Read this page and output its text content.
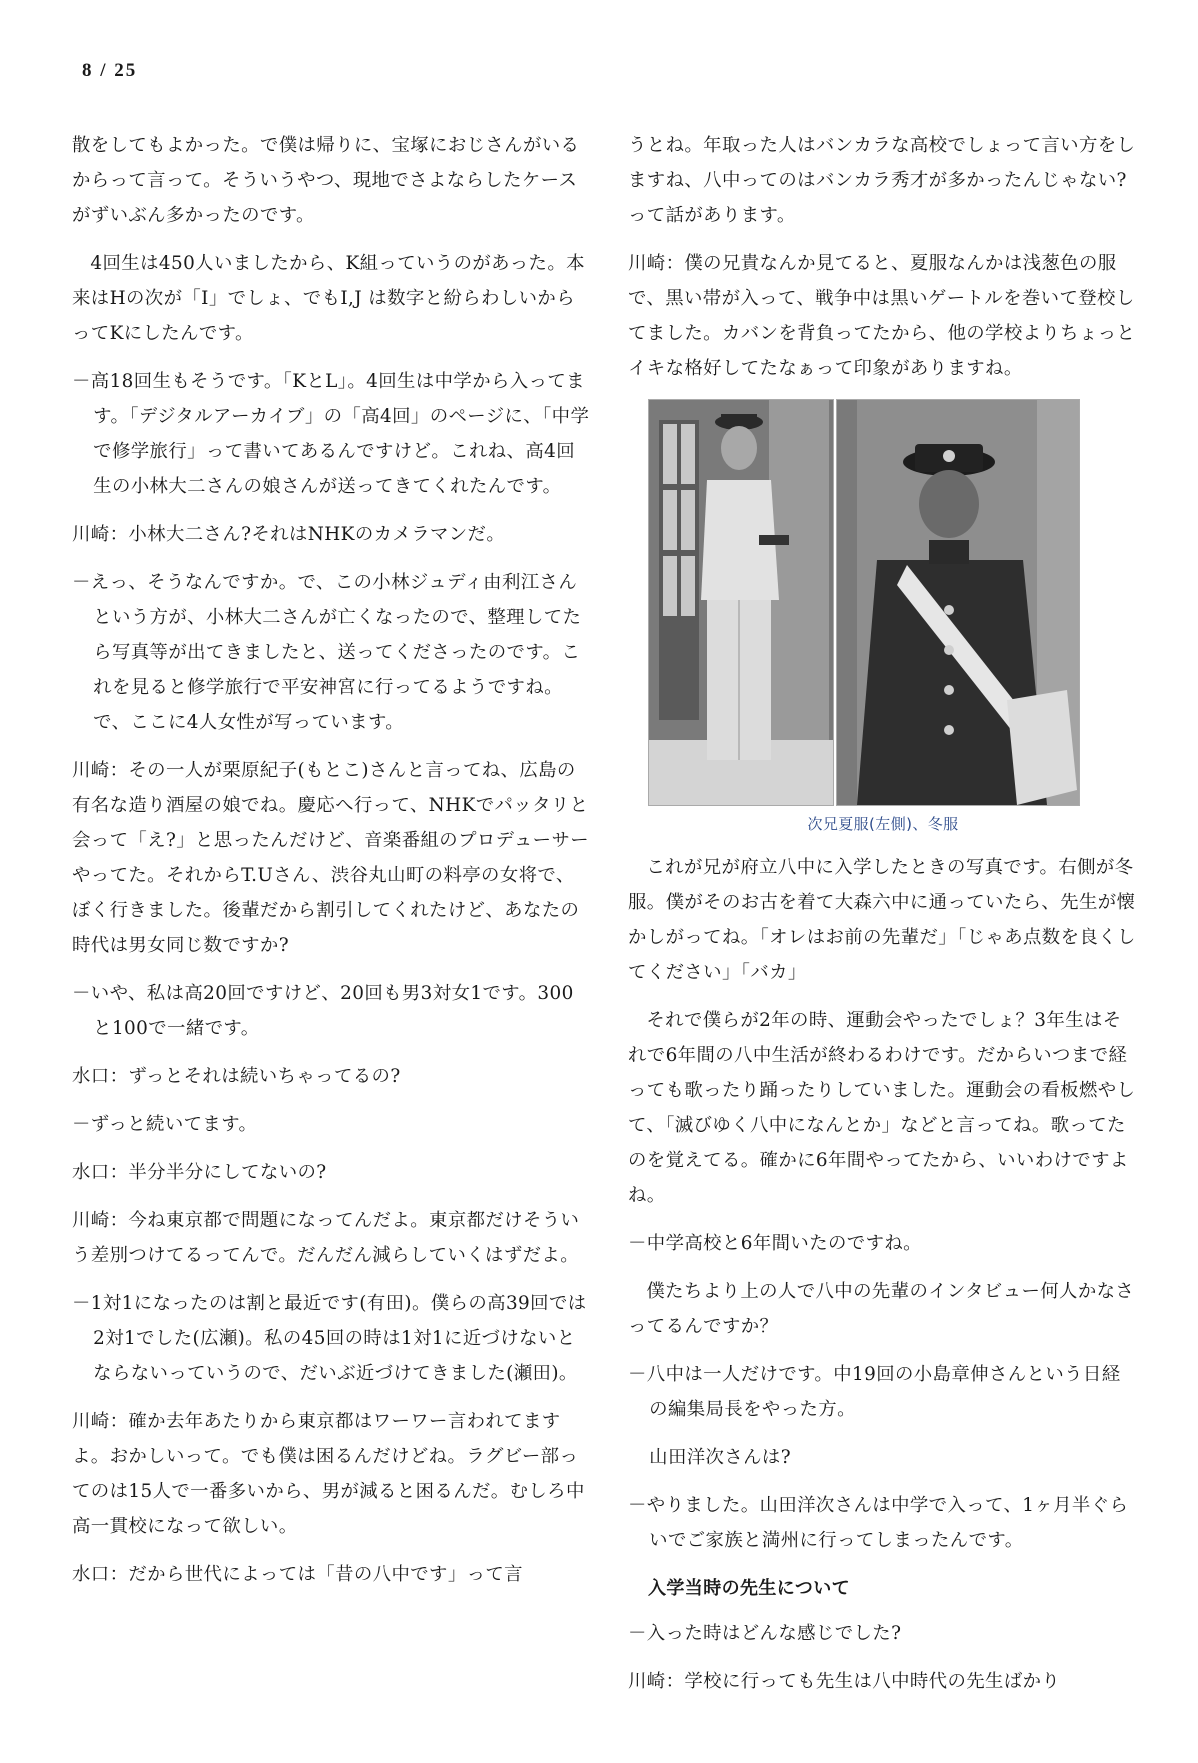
8 / 25

散をしてもよかった。で僕は帰りに、宝塚におじさんがいるからって言って。そういうやつ、現地でさよならしたケースがずいぶん多かったのです。

4回生は450人いましたから、K組っていうのがあった。本来はHの次が「I」でしょ、でもI,J は数字と紛らわしいからってKにしたんです。

－高18回生もそうです。「KとL」。4回生は中学から入ってます。「デジタルアーカイブ」の「高4回」のページに、「中学で修学旅行」って書いてあるんですけど。これね、高4回生の小林大二さんの娘さんが送ってきてくれたんです。

川崎：小林大二さん?それはNHKのカメラマンだ。

－えっ、そうなんですか。で、この小林ジュディ由利江さんという方が、小林大二さんが亡くなったので、整理してたら写真等が出てきましたと、送ってくださったのです。これを見ると修学旅行で平安神宮に行ってるようですね。で、ここに4人女性が写っています。

川崎：その一人が栗原紀子(もとこ)さんと言ってね、広島の有名な造り酒屋の娘でね。慶応へ行って、NHKでパッタリと会って「え?」と思ったんだけど、音楽番組のプロデューサーやってた。それからT.Uさん、渋谷丸山町の料亭の女将で、ぼく行きました。後輩だから割引してくれたけど、あなたの時代は男女同じ数ですか?

－いや、私は高20回ですけど、20回も男3対女1です。300と100で一緒です。

水口：ずっとそれは続いちゃってるの?

－ずっと続いてます。

水口：半分半分にしてないの?

川崎：今ね東京都で問題になってんだよ。東京都だけそういう差別つけてるってんで。だんだん減らしていくはずだよ。

－1対1になったのは割と最近です(有田)。僕らの高39回では2対1でした(広瀬)。私の45回の時は1対1に近づけないとならないっていうので、だいぶ近づけてきました(瀬田)。

川崎：確か去年あたりから東京都はワーワー言われてますよ。おかしいって。でも僕は困るんだけどね。ラグビー部ってのは15人で一番多いから、男が減ると困るんだ。むしろ中高一貫校になって欲しい。

水口：だから世代によっては「昔の八中です」って言

うとね。年取った人はバンカラな高校でしょって言い方をしますね、八中ってのはバンカラ秀才が多かったんじゃない?って話があります。

川崎：僕の兄貴なんか見てると、夏服なんかは浅葱色の服で、黒い帯が入って、戦争中は黒いゲートルを巻いて登校してました。カバンを背負ってたから、他の学校よりちょっとイキな格好してたなぁって印象がありますね。

次兄夏服(左側)、冬服

これが兄が府立八中に入学したときの写真です。右側が冬服。僕がそのお古を着て大森六中に通っていたら、先生が懐かしがってね。「オレはお前の先輩だ」「じゃあ点数を良くしてください」「バカ」

それで僕らが2年の時、運動会やったでしょ？3年生はそれで6年間の八中生活が終わるわけです。だからいつまで経っても歌ったり踊ったりしていました。運動会の看板燃やして、「滅びゆく八中になんとか」などと言ってね。歌ってたのを覚えてる。確かに6年間やってたから、いいわけですよね。

－中学高校と6年間いたのですね。

僕たちより上の人で八中の先輩のインタビュー何人かなさってるんですか？

－八中は一人だけです。中19回の小島章伸さんという日経の編集局長をやった方。

山田洋次さんは?

－やりました。山田洋次さんは中学で入って、1ヶ月半ぐらいでご家族と満州に行ってしまったんです。

入学当時の先生について

－入った時はどんな感じでした?

川崎：学校に行っても先生は八中時代の先生ばかり
